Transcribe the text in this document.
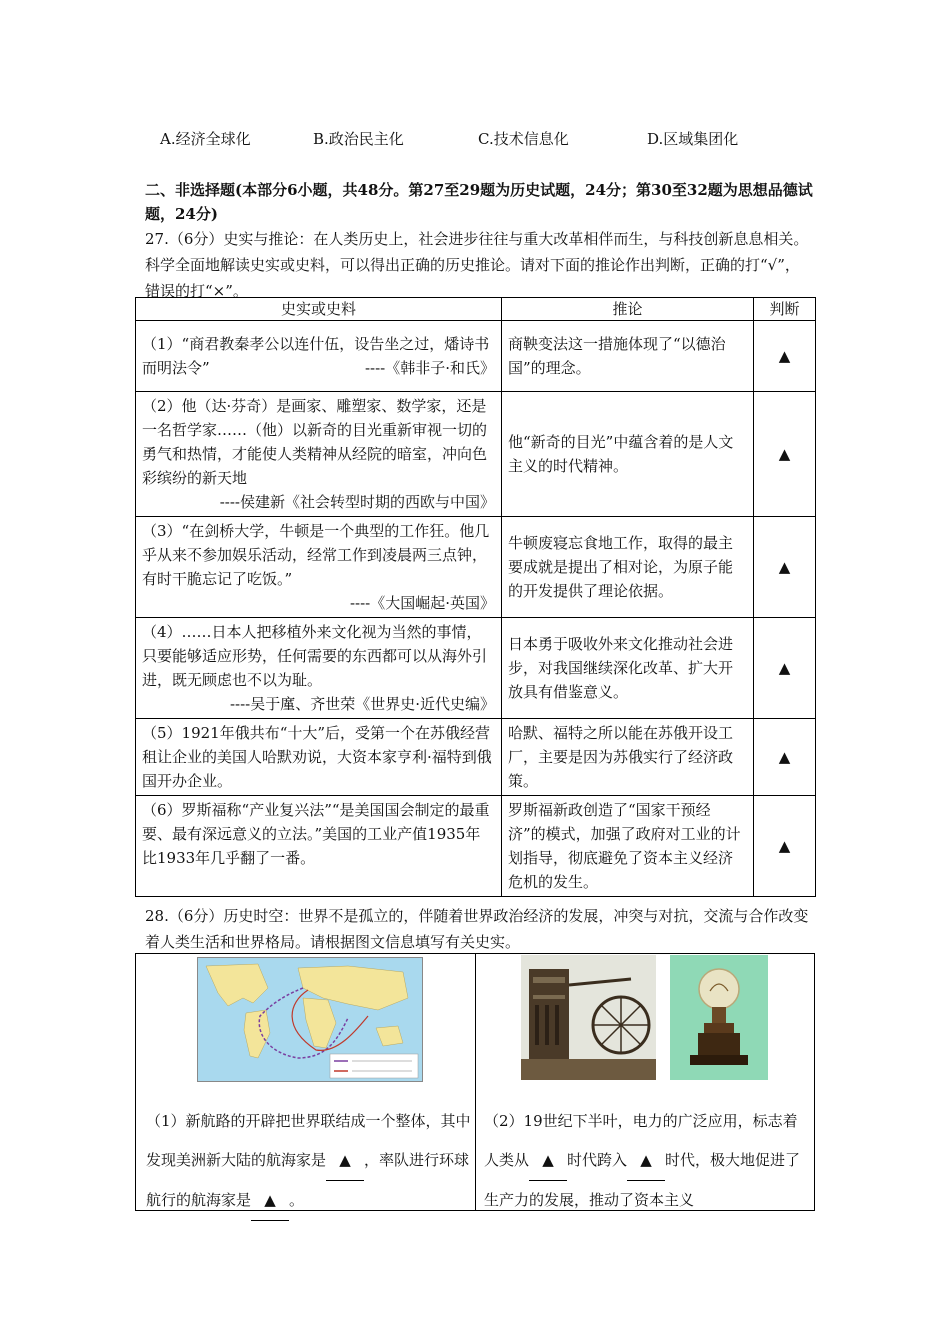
A.经济全球化	B.政治民主化	C.技术信息化	D.区域集团化
二、非选择题(本部分6小题，共48分。第27至29题为历史试题，24分；第30至32题为思想品德试题，24分)
27.（6分）史实与推论：在人类历史上，社会进步往往与重大改革相伴而生，与科技创新息息相关。科学全面地解读史实或史料，可以得出正确的历史推论。请对下面的推论作出判断，正确的打“√”，错误的打“×”。
史实或史料	推论	判断
（1）“商君教秦孝公以连什伍，设告坐之过，燔诗书而明法令” ----《韩非子·和氏》	商鞅变法这一措施体现了“以德治国”的理念。	▲

（2）他（达·芬奇）是画家、雕塑家、数学家，还是一名哲学家……（他）以新奇的目光重新审视一切的勇气和热情，才能使人类精神从经院的暗室，冲向色彩缤纷的新天地
----侯建新《社会转型时期的西欧与中国》	他“新奇的目光”中蕴含着的是人文主义的时代精神。	▲

（3）“在剑桥大学，牛顿是一个典型的工作狂。他几乎从来不参加娱乐活动，经常工作到凌晨两三点钟，有时干脆忘记了吃饭。”
----《大国崛起·英国》	牛顿废寝忘食地工作，取得的最主要成就是提出了相对论，为原子能的开发提供了理论依据。	▲

（4）……日本人把移植外来文化视为当然的事情，只要能够适应形势，任何需要的东西都可以从海外引进，既无顾虑也不以为耻。
----吴于廑、齐世荣《世界史·近代史编》	日本勇于吸收外来文化推动社会进步，对我国继续深化改革、扩大开放具有借鉴意义。	▲
（5）1921年俄共布“十大”后，受第一个在苏俄经营租让企业的美国人哈默劝说，大资本家亨利·福特到俄国开办企业。	哈默、福特之所以能在苏俄开设工厂，主要是因为苏俄实行了经济政策。	▲
（6）罗斯福称“产业复兴法”“是美国国会制定的最重要、最有深远意义的立法。”美国的工业产值1935年比1933年几乎翻了一番。	罗斯福新政创造了“国家干预经济”的模式，加强了政府对工业的计划指导，彻底避免了资本主义经济危机的发生。	▲
28.（6分）历史时空：世界不是孤立的，伴随着世界政治经济的发展，冲突与对抗，交流与合作改变着人类生活和世界格局。请根据图文信息填写有关史实。
（1）新航路的开辟把世界联结成一个整体，其中发现美洲新大陆的航海家是 ▲ ，率队进行环球航行的航海家是 ▲ 。
（2）19世纪下半叶，电力的广泛应用，标志着人类从 ▲ 时代跨入 ▲ 时代，极大地促进了生产力的发展，推动了资本主义
